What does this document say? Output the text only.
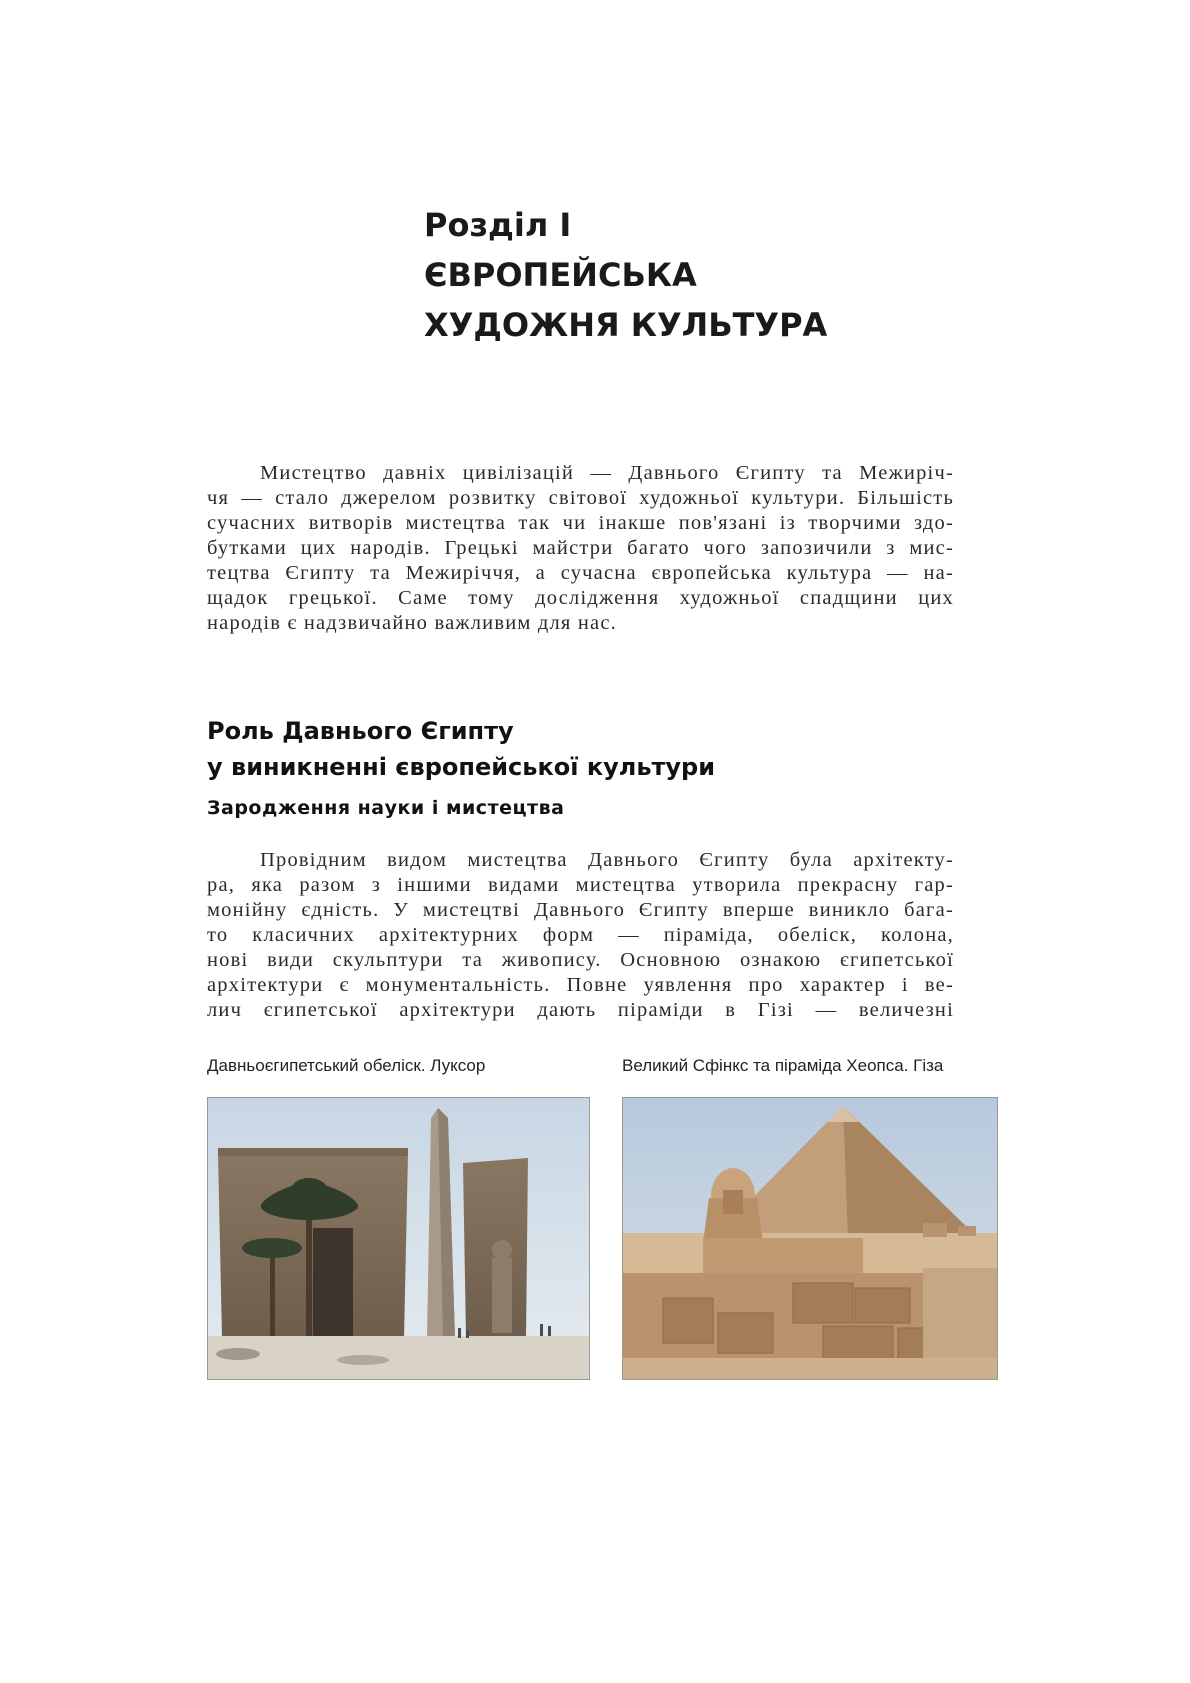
Розділ І
ЄВРОПЕЙСЬКА
ХУДОЖНЯ КУЛЬТУРА

Мистецтво давніх цивілізацій — Давнього Єгипту та Межиріч-
чя — стало джерелом розвитку світової художньої культури. Більшість
сучасних витворів мистецтва так чи інакше пов'язані із творчими здо-
бутками цих народів. Грецькі майстри багато чого запозичили з мис-
тецтва Єгипту та Межиріччя, а сучасна європейська культура — на-
щадок грецької. Саме тому дослідження художньої спадщини цих
народів є надзвичайно важливим для нас.

Роль Давнього Єгипту
у виникненні європейської культури
Зародження науки і мистецтва

Провідним видом мистецтва Давнього Єгипту була архітекту-
ра, яка разом з іншими видами мистецтва утворила прекрасну гар-
монійну єдність. У мистецтві Давнього Єгипту вперше виникло бага-
то класичних архітектурних форм — піраміда, обеліск, колона,
нові види скульптури та живопису. Основною ознакою єгипетської
архітектури є монументальність. Повне уявлення про характер і ве-
лич єгипетської архітектури дають піраміди в Гізі — величезні

Давньоєгипетський обеліск. Луксор	Великий Сфінкс та піраміда Хеопса. Гіза
